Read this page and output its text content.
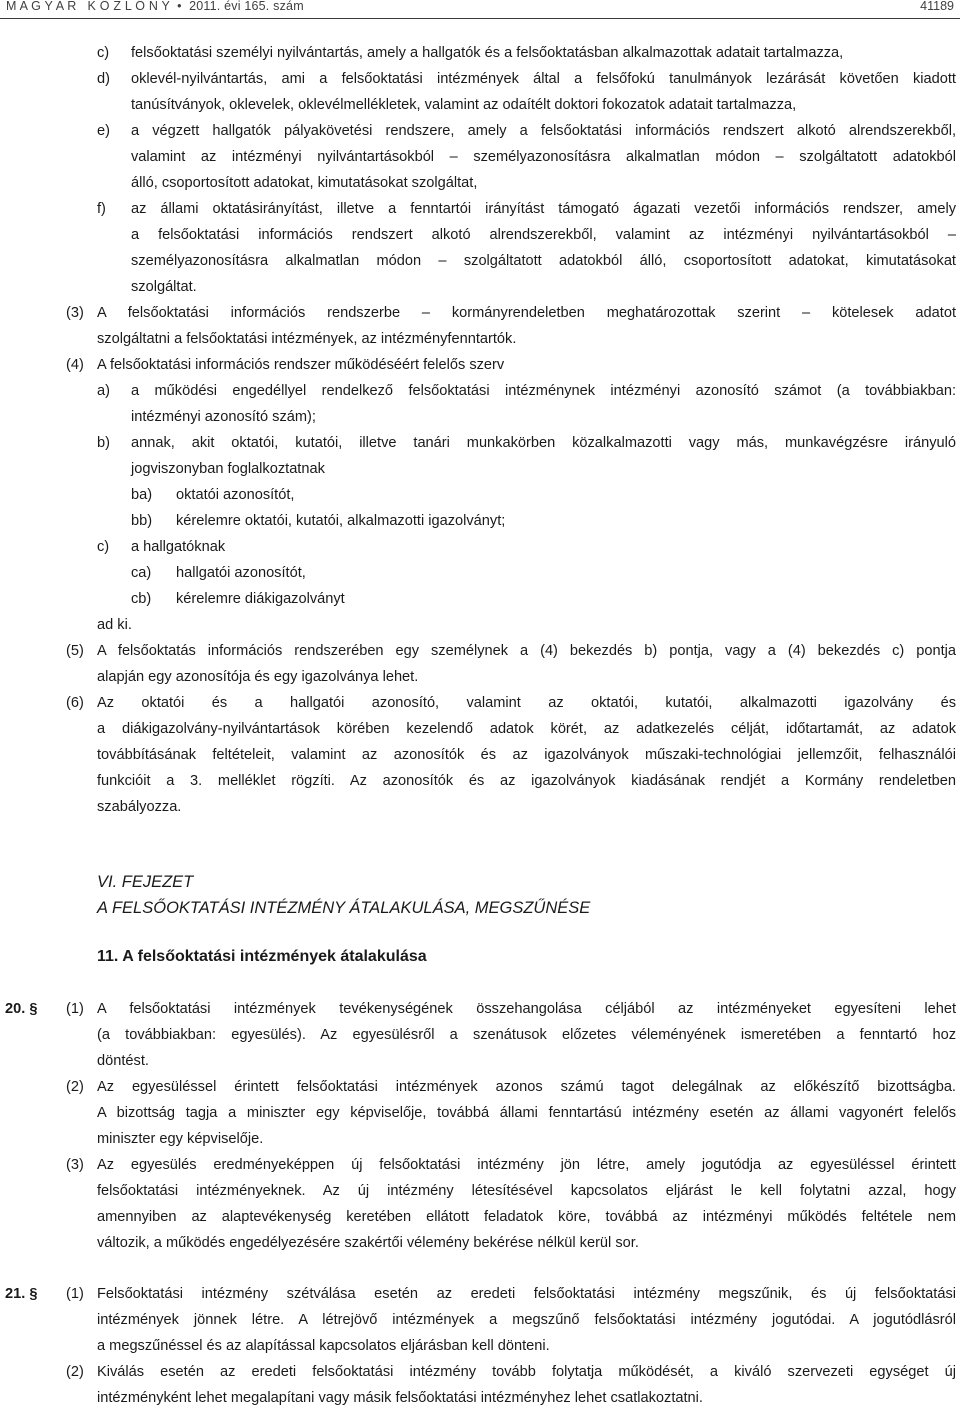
M A G Y A R   K Ö Z L Ö N Y  •  2011. évi 165. szám	41189
c) felsőoktatási személyi nyilvántartás, amely a hallgatók és a felsőoktatásban alkalmazottak adatait tartalmazza,
d) oklevél-nyilvántartás, ami a felsőoktatási intézmények által a felsőfokú tanulmányok lezárását követően kiadott
tanúsítványok, oklevelek, oklevélmellékletek, valamint az odaítélt doktori fokozatok adatait tartalmazza,
e) a végzett hallgatók pályakövetési rendszere, amely a felsőoktatási információs rendszert alkotó alrendszerekből,
valamint az intézményi nyilvántartásokból – személyazonosításra alkalmatlan módon – szolgáltatott adatokból
álló, csoportosított adatokat, kimutatásokat szolgáltat,
f) az állami oktatásirányítást, illetve a fenntartói irányítást támogató ágazati vezetői információs rendszer, amely
a felsőoktatási információs rendszert alkotó alrendszerekből, valamint az intézményi nyilvántartásokból –
személyazonosításra alkalmatlan módon – szolgáltatott adatokból álló, csoportosított adatokat, kimutatásokat
szolgáltat.
(3) A felsőoktatási információs rendszerbe – kormányrendeletben meghatározottak szerint – kötelesek adatot
szolgáltatni a felsőoktatási intézmények, az intézményfenntartók.
(4) A felsőoktatási információs rendszer működéséért felelős szerv
a) a működési engedéllyel rendelkező felsőoktatási intézménynek intézményi azonosító számot (a továbbiakban:
intézményi azonosító szám);
b) annak, akit oktatói, kutatói, illetve tanári munkakörben közalkalmazotti vagy más, munkavégzésre irányuló
jogviszonyban foglalkoztatnak
ba) oktatói azonosítót,
bb) kérelemre oktatói, kutatói, alkalmazotti igazolványt;
c) a hallgatóknak
ca) hallgatói azonosítót,
cb) kérelemre diákigazolványt
ad ki.
(5) A felsőoktatás információs rendszerében egy személynek a (4) bekezdés b) pontja, vagy a (4) bekezdés c) pontja
alapján egy azonosítója és egy igazolványa lehet.
(6) Az oktatói és a hallgatói azonosító, valamint az oktatói, kutatói, alkalmazotti igazolvány és
a diákigazolvány-nyilvántartások körében kezelendő adatok körét, az adatkezelés célját, időtartamát, az adatok
továbbításának feltételeit, valamint az azonosítók és az igazolványok műszaki-technológiai jellemzőit, felhasználói
funkcióit a 3. melléklet rögzíti. Az azonosítók és az igazolványok kiadásának rendjét a Kormány rendeletben
szabályozza.
VI. FEJEZET
A FELSŐOKTATÁSI INTÉZMÉNY ÁTALAKULÁSA, MEGSZŰNÉSE
11. A felsőoktatási intézmények átalakulása
20. § (1) A felsőoktatási intézmények tevékenységének összehangolása céljából az intézményeket egyesíteni lehet
(a továbbiakban: egyesülés). Az egyesülésről a szenátusok előzetes véleményének ismeretében a fenntartó hoz
döntést.
(2) Az egyesüléssel érintett felsőoktatási intézmények azonos számú tagot delegálnak az előkészítő bizottságba.
A bizottság tagja a miniszter egy képviselője, továbbá állami fenntartású intézmény esetén az állami vagyonért felelős
miniszter egy képviselője.
(3) Az egyesülés eredményeképpen új felsőoktatási intézmény jön létre, amely jogutódja az egyesüléssel érintett
felsőoktatási intézményeknek. Az új intézmény létesítésével kapcsolatos eljárást le kell folytatni azzal, hogy
amennyiben az alaptevékenység keretében ellátott feladatok köre, továbbá az intézményi működés feltétele nem
változik, a működés engedélyezésére szakértői vélemény bekérése nélkül kerül sor.
21. § (1) Felsőoktatási intézmény szétválása esetén az eredeti felsőoktatási intézmény megszűnik, és új felsőoktatási
intézmények jönnek létre. A létrejövő intézmények a megszűnő felsőoktatási intézmény jogutódai. A jogutódlásról
a megszűnéssel és az alapítással kapcsolatos eljárásban kell dönteni.
(2) Kiválás esetén az eredeti felsőoktatási intézmény tovább folytatja működését, a kiváló szervezeti egységet új
intézményként lehet megalapítani vagy másik felsőoktatási intézményhez lehet csatlakoztatni.
